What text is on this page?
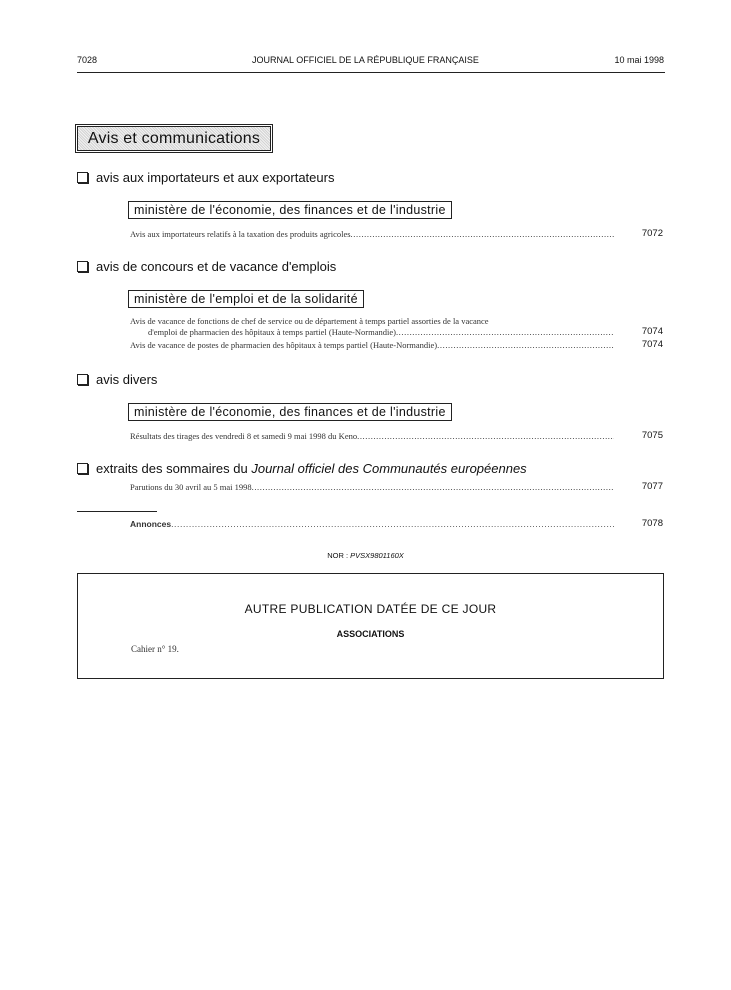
7028	JOURNAL OFFICIEL DE LA RÉPUBLIQUE FRANÇAISE	10 mai 1998
Avis et communications
avis aux importateurs et aux exportateurs
ministère de l'économie, des finances et de l'industrie
Avis aux importateurs relatifs à la taxation des produits agricoles .....	7072
avis de concours et de vacance d'emplois
ministère de l'emploi et de la solidarité
Avis de vacance de fonctions de chef de service ou de département à temps partiel assorties de la vacance
d'emploi de pharmacien des hôpitaux à temps partiel (Haute-Normandie) .....	7074
Avis de vacance de postes de pharmacien des hôpitaux à temps partiel (Haute-Normandie) .....	7074
avis divers
ministère de l'économie, des finances et de l'industrie
Résultats des tirages des vendredi 8 et samedi 9 mai 1998 du Keno .....	7075
extraits des sommaires du Journal officiel des Communautés européennes
Parutions du 30 avril au 5 mai 1998 .....	7077
Annonces .....	7078
NOR : PVSX9801160X
AUTRE PUBLICATION DATÉE DE CE JOUR
ASSOCIATIONS
Cahier n° 19.
